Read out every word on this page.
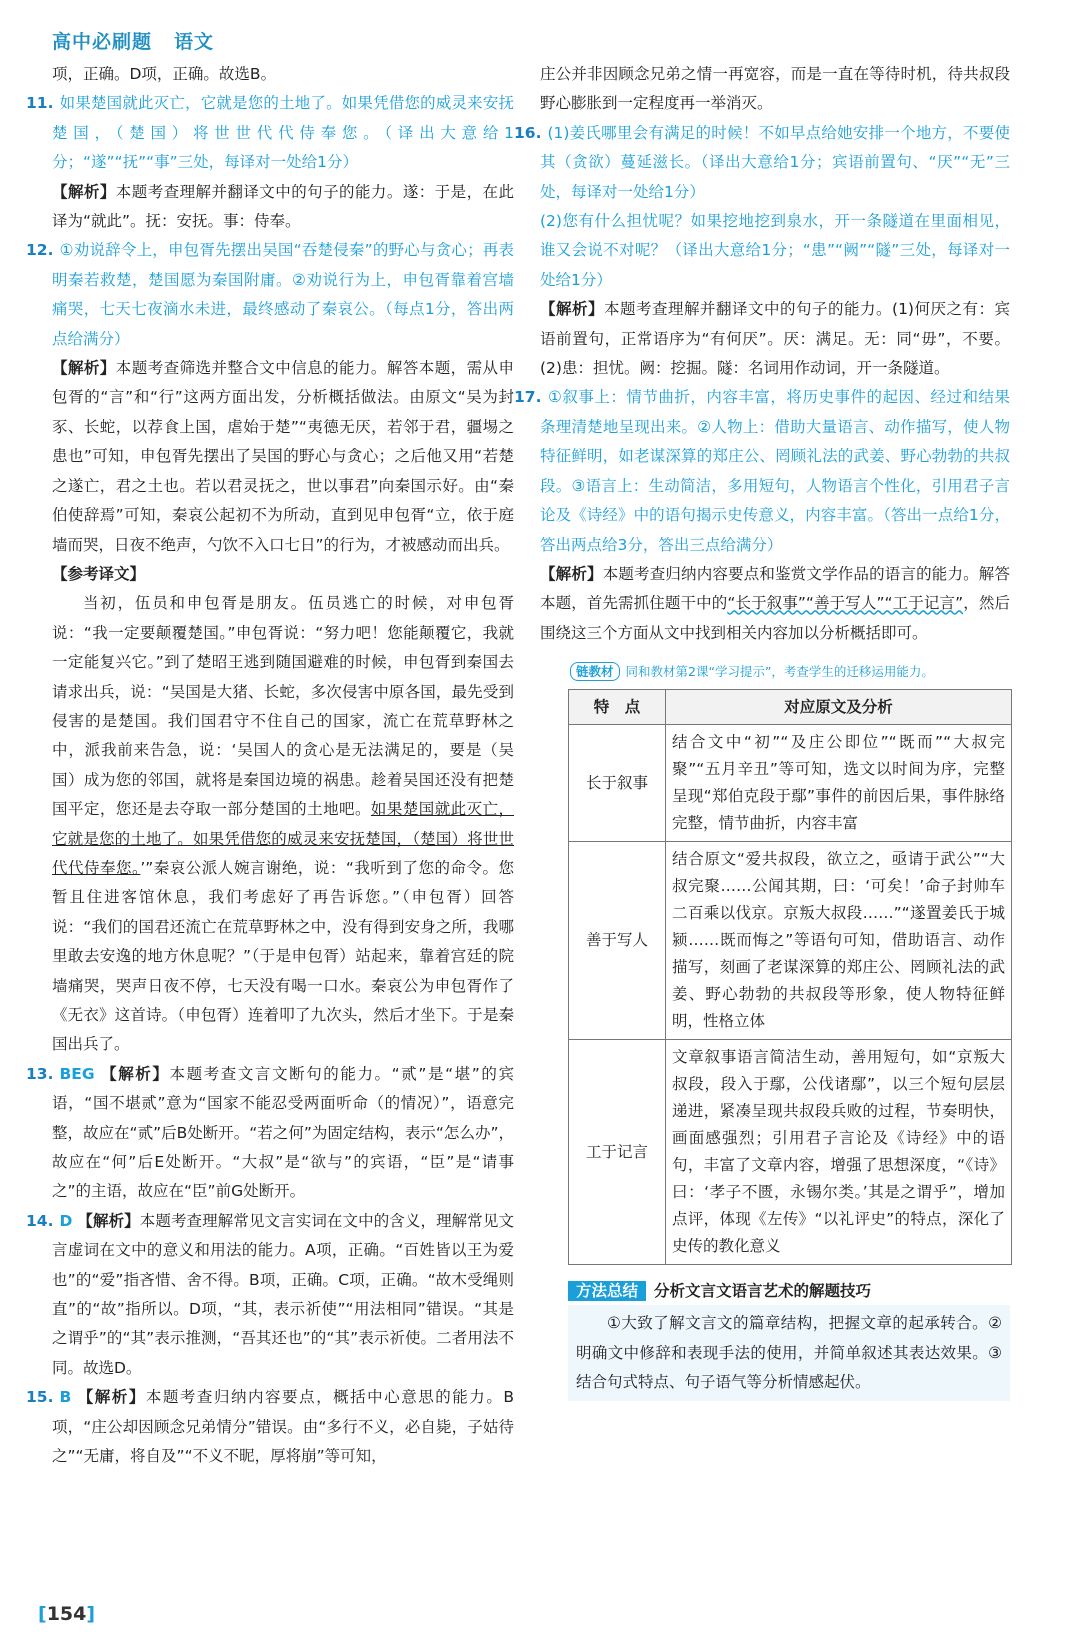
高中必刷题 语文

项，正确。D项，正确。故选B。

11. 如果楚国就此灭亡，它就是您的土地了。如果凭借您的威灵来安抚楚国，（楚国）将世世代代侍奉您。（译出大意给1分；“遂”“抚”“事”三处，每译对一处给1分）

【解析】本题考查理解并翻译文中的句子的能力。遂：于是，在此译为“就此”。抚：安抚。事：侍奉。

12. ①劝说辞令上，申包胥先摆出吴国“吞楚侵秦”的野心与贪心；再表明秦若救楚，楚国愿为秦国附庸。②劝说行为上，申包胥靠着宫墙痛哭，七天七夜滴水未进，最终感动了秦哀公。（每点1分，答出两点给满分）

【解析】本题考查筛选并整合文中信息的能力。解答本题，需从申包胥的“言”和“行”这两方面出发，分析概括做法。由原文“吴为封豕、长蛇，以荐食上国，虐始于楚”“夷德无厌，若邻于君，疆埸之患也”可知，申包胥先摆出了吴国的野心与贪心；之后他又用“若楚之遂亡，君之土也。若以君灵抚之，世以事君”向秦国示好。由“秦伯使辞焉”可知，秦哀公起初不为所动，直到见申包胥“立，依于庭墙而哭，日夜不绝声，勺饮不入口七日”的行为，才被感动而出兵。

【参考译文】

当初，伍员和申包胥是朋友。伍员逃亡的时候，对申包胥说：“我一定要颠覆楚国。”申包胥说：“努力吧！您能颠覆它，我就一定能复兴它。”到了楚昭王逃到随国避难的时候，申包胥到秦国去请求出兵，说：“吴国是大猪、长蛇，多次侵害中原各国，最先受到侵害的是楚国。我们国君守不住自己的国家，流亡在荒草野林之中，派我前来告急，说：‘吴国人的贪心是无法满足的，要是（吴国）成为您的邻国，就将是秦国边境的祸患。趁着吴国还没有把楚国平定，您还是去夺取一部分楚国的土地吧。如果楚国就此灭亡，它就是您的土地了。如果凭借您的威灵来安抚楚国，（楚国）将世世代代侍奉您。’”秦哀公派人婉言谢绝，说：“我听到了您的命令。您暂且住进客馆休息，我们考虑好了再告诉您。”（申包胥）回答说：“我们的国君还流亡在荒草野林之中，没有得到安身之所，我哪里敢去安逸的地方休息呢？”（于是申包胥）站起来，靠着宫廷的院墙痛哭，哭声日夜不停，七天没有喝一口水。秦哀公为申包胥作了《无衣》这首诗。（申包胥）连着叩了九次头，然后才坐下。于是秦国出兵了。

13. BEG 【解析】本题考查文言文断句的能力。“贰”是“堪”的宾语，“国不堪贰”意为“国家不能忍受两面听命（的情况）”，语意完整，故应在“贰”后B处断开。“若之何”为固定结构，表示“怎么办”，故应在“何”后E处断开。“大叔”是“欲与”的宾语，“臣”是“请事之”的主语，故应在“臣”前G处断开。

14. D 【解析】本题考查理解常见文言实词在文中的含义，理解常见文言虚词在文中的意义和用法的能力。A项，正确。“百姓皆以王为爱也”的“爱”指吝惜、舍不得。B项，正确。C项，正确。“故木受绳则直”的“故”指所以。D项，“其，表示祈使”“用法相同”错误。“其是之谓乎”的“其”表示推测，“吾其还也”的“其”表示祈使。二者用法不同。故选D。

15. B 【解析】本题考查归纳内容要点，概括中心意思的能力。B项，“庄公却因顾念兄弟情分”错误。由“多行不义，必自毙，子姑待之”“无庸，将自及”“不义不昵，厚将崩”等可知，

庄公并非因顾念兄弟之情一再宽容，而是一直在等待时机，待共叔段野心膨胀到一定程度再一举消灭。

16. (1)姜氏哪里会有满足的时候！不如早点给她安排一个地方，不要使其（贪欲）蔓延滋长。（译出大意给1分；宾语前置句、“厌”“无”三处，每译对一处给1分）

(2)您有什么担忧呢？如果挖地挖到泉水，开一条隧道在里面相见，谁又会说不对呢？（译出大意给1分；“患”“阙”“隧”三处，每译对一处给1分）

【解析】本题考查理解并翻译文中的句子的能力。(1)何厌之有：宾语前置句，正常语序为“有何厌”。厌：满足。无：同“毋”，不要。(2)患：担忧。阙：挖掘。隧：名词用作动词，开一条隧道。

17. ①叙事上：情节曲折，内容丰富，将历史事件的起因、经过和结果条理清楚地呈现出来。②人物上：借助大量语言、动作描写，使人物特征鲜明，如老谋深算的郑庄公、罔顾礼法的武姜、野心勃勃的共叔段。③语言上：生动简洁，多用短句，人物语言个性化，引用君子言论及《诗经》中的语句揭示史传意义，内容丰富。（答出一点给1分，答出两点给3分，答出三点给满分）

【解析】本题考查归纳内容要点和鉴赏文学作品的语言的能力。解答本题，首先需抓住题干中的“长于叙事”“善于写人”“工于记言”，然后围绕这三个方面从文中找到相关内容加以分析概括即可。

链教材 同和教材第2课“学习提示”，考查学生的迁移运用能力。
特　点	对应原文及分析
长于叙事	结合文中“初”“及庄公即位”“既而”“大叔完聚”“五月辛丑”等可知，选文以时间为序，完整呈现“郑伯克段于鄢”事件的前因后果，事件脉络完整，情节曲折，内容丰富
善于写人	结合原文“爱共叔段，欲立之，亟请于武公”“大叔完聚……公闻其期，曰：‘可矣！’命子封帅车二百乘以伐京。京叛大叔段……”“遂置姜氏于城颍……既而悔之”等语句可知，借助语言、动作描写，刻画了老谋深算的郑庄公、罔顾礼法的武姜、野心勃勃的共叔段等形象，使人物特征鲜明，性格立体
工于记言	文章叙事语言简洁生动，善用短句，如“京叛大叔段，段入于鄢，公伐诸鄢”，以三个短句层层递进，紧凑呈现共叔段兵败的过程，节奏明快，画面感强烈；引用君子言论及《诗经》中的语句，丰富了文章内容，增强了思想深度，“《诗》曰：‘孝子不匮，永锡尔类。’其是之谓乎”，增加点评，体现《左传》“以礼评史”的特点，深化了史传的教化意义
方法总结 分析文言文语言艺术的解题技巧

①大致了解文言文的篇章结构，把握文章的起承转合。②明确文中修辞和表现手法的使用，并简单叙述其表达效果。③结合句式特点、句子语气等分析情感起伏。

[154]
